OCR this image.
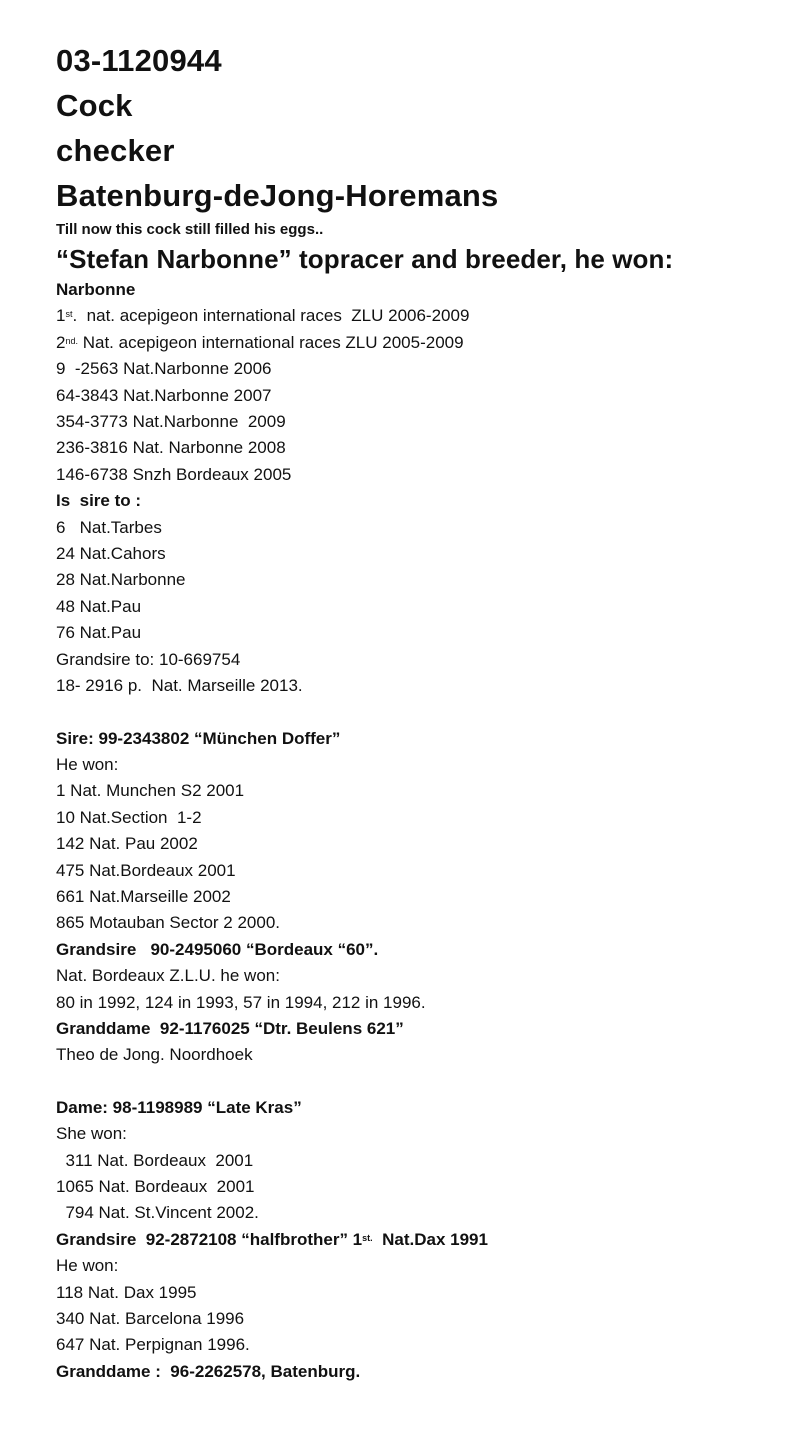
03-1120944
Cock
checker
Batenburg-deJong-Horemans
Till now this cock still filled his eggs..
“Stefan Narbonne” topracer and breeder, he won:
Narbonne
1st.  nat. acepigeon international races  ZLU 2006-2009
$2^{nd.}$ Nat. acepigeon international races ZLU 2005-2009
9  -2563 Nat.Narbonne 2006
64-3843 Nat.Narbonne 2007
354-3773 Nat.Narbonne  2009
236-3816 Nat. Narbonne 2008
146-6738 Snzh Bordeaux 2005
Is  sire to :
6   Nat.Tarbes
24 Nat.Cahors
28 Nat.Narbonne
48 Nat.Pau
76 Nat.Pau
Grandsire to: 10-669754
18- 2916 p.  Nat. Marseille 2013.
Sire: 99-2343802 “München Doffer”
He won:
1 Nat. Munchen S2 2001
10 Nat.Section  1-2
142 Nat. Pau 2002
475 Nat.Bordeaux 2001
661 Nat.Marseille 2002
865 Motauban Sector 2 2000.
Grandsire   90-2495060 “Bordeaux “60”.
Nat. Bordeaux Z.L.U. he won:
80 in 1992, 124 in 1993, 57 in 1994, 212 in 1996.
Granddame  92-1176025 “Dtr. Beulens 621”
Theo de Jong. Noordhoek
Dame: 98-1198989 “Late Kras”
She won:
311 Nat. Bordeaux  2001
1065 Nat. Bordeaux  2001
794 Nat. St.Vincent 2002.
Grandsire  92-2872108 “halfbrother” $1^{st.}$  Nat.Dax 1991
He won:
118 Nat. Dax 1995
340 Nat. Barcelona 1996
647 Nat. Perpignan 1996.
Granddame :  96-2262578, Batenburg.
